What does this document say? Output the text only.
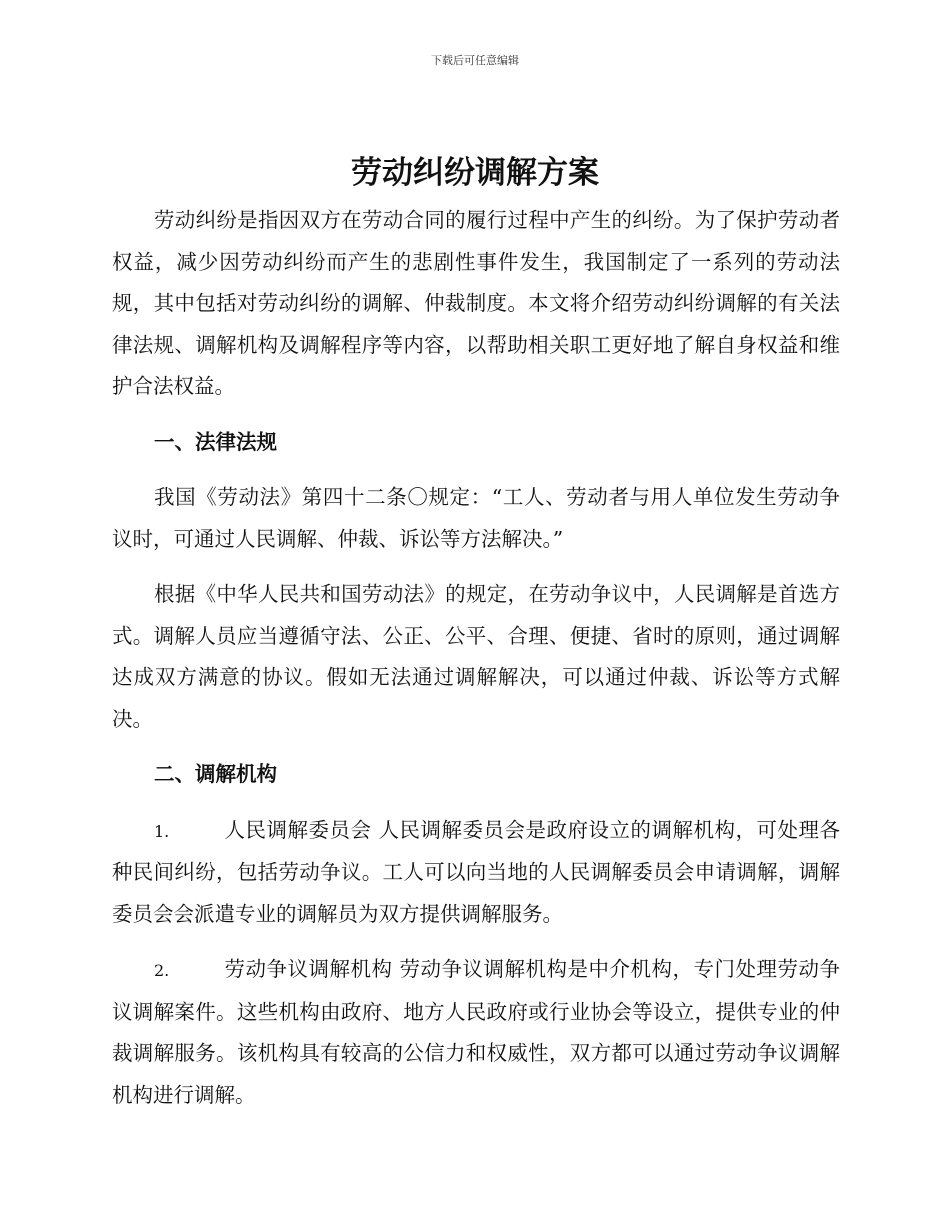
下载后可任意编辑
劳动纠纷调解方案

劳动纠纷是指因双方在劳动合同的履行过程中产生的纠纷。为了保护劳动者权益，减少因劳动纠纷而产生的悲剧性事件发生，我国制定了一系列的劳动法规，其中包括对劳动纠纷的调解、仲裁制度。本文将介绍劳动纠纷调解的有关法律法规、调解机构及调解程序等内容，以帮助相关职工更好地了解自身权益和维护合法权益。

一、法律法规

我国《劳动法》第四十二条〇规定：“工人、劳动者与用人单位发生劳动争议时，可通过人民调解、仲裁、诉讼等方法解决。”

根据《中华人民共和国劳动法》的规定，在劳动争议中，人民调解是首选方式。调解人员应当遵循守法、公正、公平、合理、便捷、省时的原则，通过调解达成双方满意的协议。假如无法通过调解解决，可以通过仲裁、诉讼等方式解决。

二、调解机构

1.	人民调解委员会 人民调解委员会是政府设立的调解机构，可处理各种民间纠纷，包括劳动争议。工人可以向当地的人民调解委员会申请调解，调解委员会会派遣专业的调解员为双方提供调解服务。

2.	劳动争议调解机构 劳动争议调解机构是中介机构，专门处理劳动争议调解案件。这些机构由政府、地方人民政府或行业协会等设立，提供专业的仲裁调解服务。该机构具有较高的公信力和权威性，双方都可以通过劳动争议调解机构进行调解。
